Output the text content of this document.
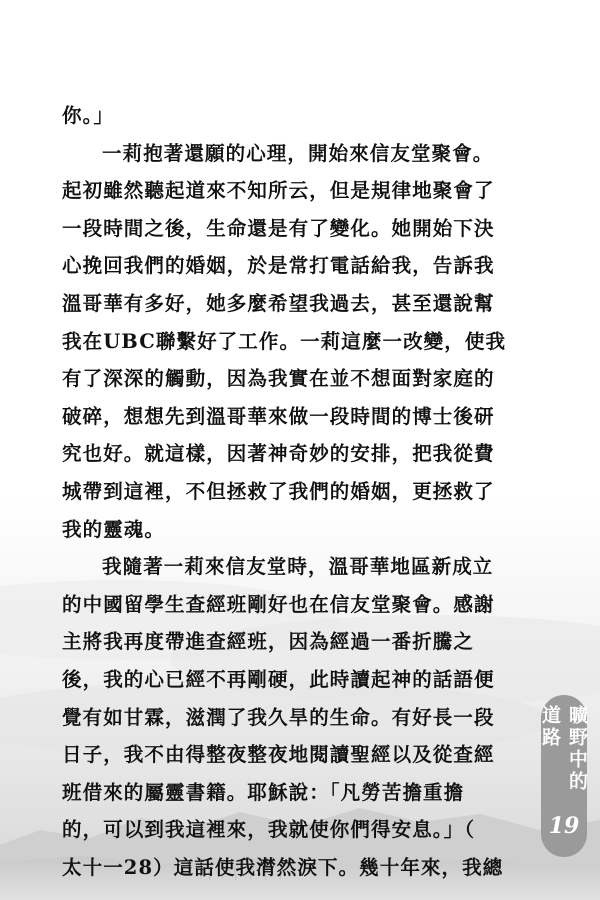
你。」
一莉抱著還願的心理，開始來信友堂聚會。
起初雖然聽起道來不知所云，但是規律地聚會了
一段時間之後，生命還是有了變化。她開始下決
心挽回我們的婚姻，於是常打電話給我，告訴我
溫哥華有多好，她多麼希望我過去，甚至還說幫
我在UBC聯繫好了工作。一莉這麼一改變，使我
有了深深的觸動，因為我實在並不想面對家庭的
破碎，想想先到溫哥華來做一段時間的博士後研
究也好。就這樣，因著神奇妙的安排，把我從費
城帶到這裡，不但拯救了我們的婚姻，更拯救了
我的靈魂。
我隨著一莉來信友堂時，溫哥華地區新成立
的中國留學生查經班剛好也在信友堂聚會。感謝
主將我再度帶進查經班，因為經過一番折騰之
後，我的心已經不再剛硬，此時讀起神的話語便
覺有如甘霖，滋潤了我久旱的生命。有好長一段
日子，我不由得整夜整夜地閱讀聖經以及從查經
班借來的屬靈書籍。耶穌說：「凡勞苦擔重擔
的，可以到我這裡來，我就使你們得安息。」（
太十一28）這話使我潸然淚下。幾十年來，我總
曠野中的道路
19
